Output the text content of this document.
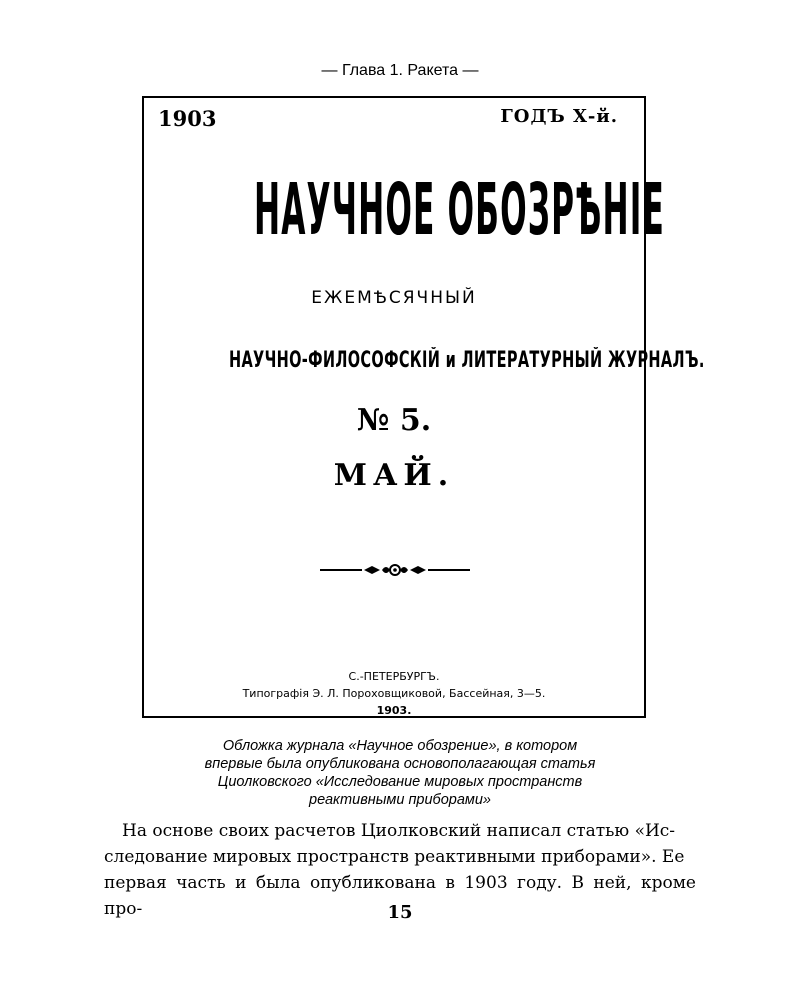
— Глава 1. Ракета —
1903	ГОДЪ Х-й.
НАУЧНОЕ ОБОЗРѢНІЕ
ЕЖЕМѢСЯЧНЫЙ
НАУЧНО-ФИЛОСОФСКІЙ и ЛИТЕРАТУРНЫЙ ЖУРНАЛЪ.
№ 5.
МАЙ.
С.-ПЕТЕРБУРГЪ.
Типографія Э. Л. Пороховщиковой, Бассейная, 3—5.
1903.
Обложка журнала «Научное обозрение», в котором
впервые была опубликована основополагающая статья
Циолковского «Исследование мировых пространств
реактивными приборами»
На основе своих расчетов Циолковский написал статью «Ис-
следование мировых пространств реактивными приборами». Ее
первая часть и была опубликована в 1903 году. В ней, кроме про-	15
